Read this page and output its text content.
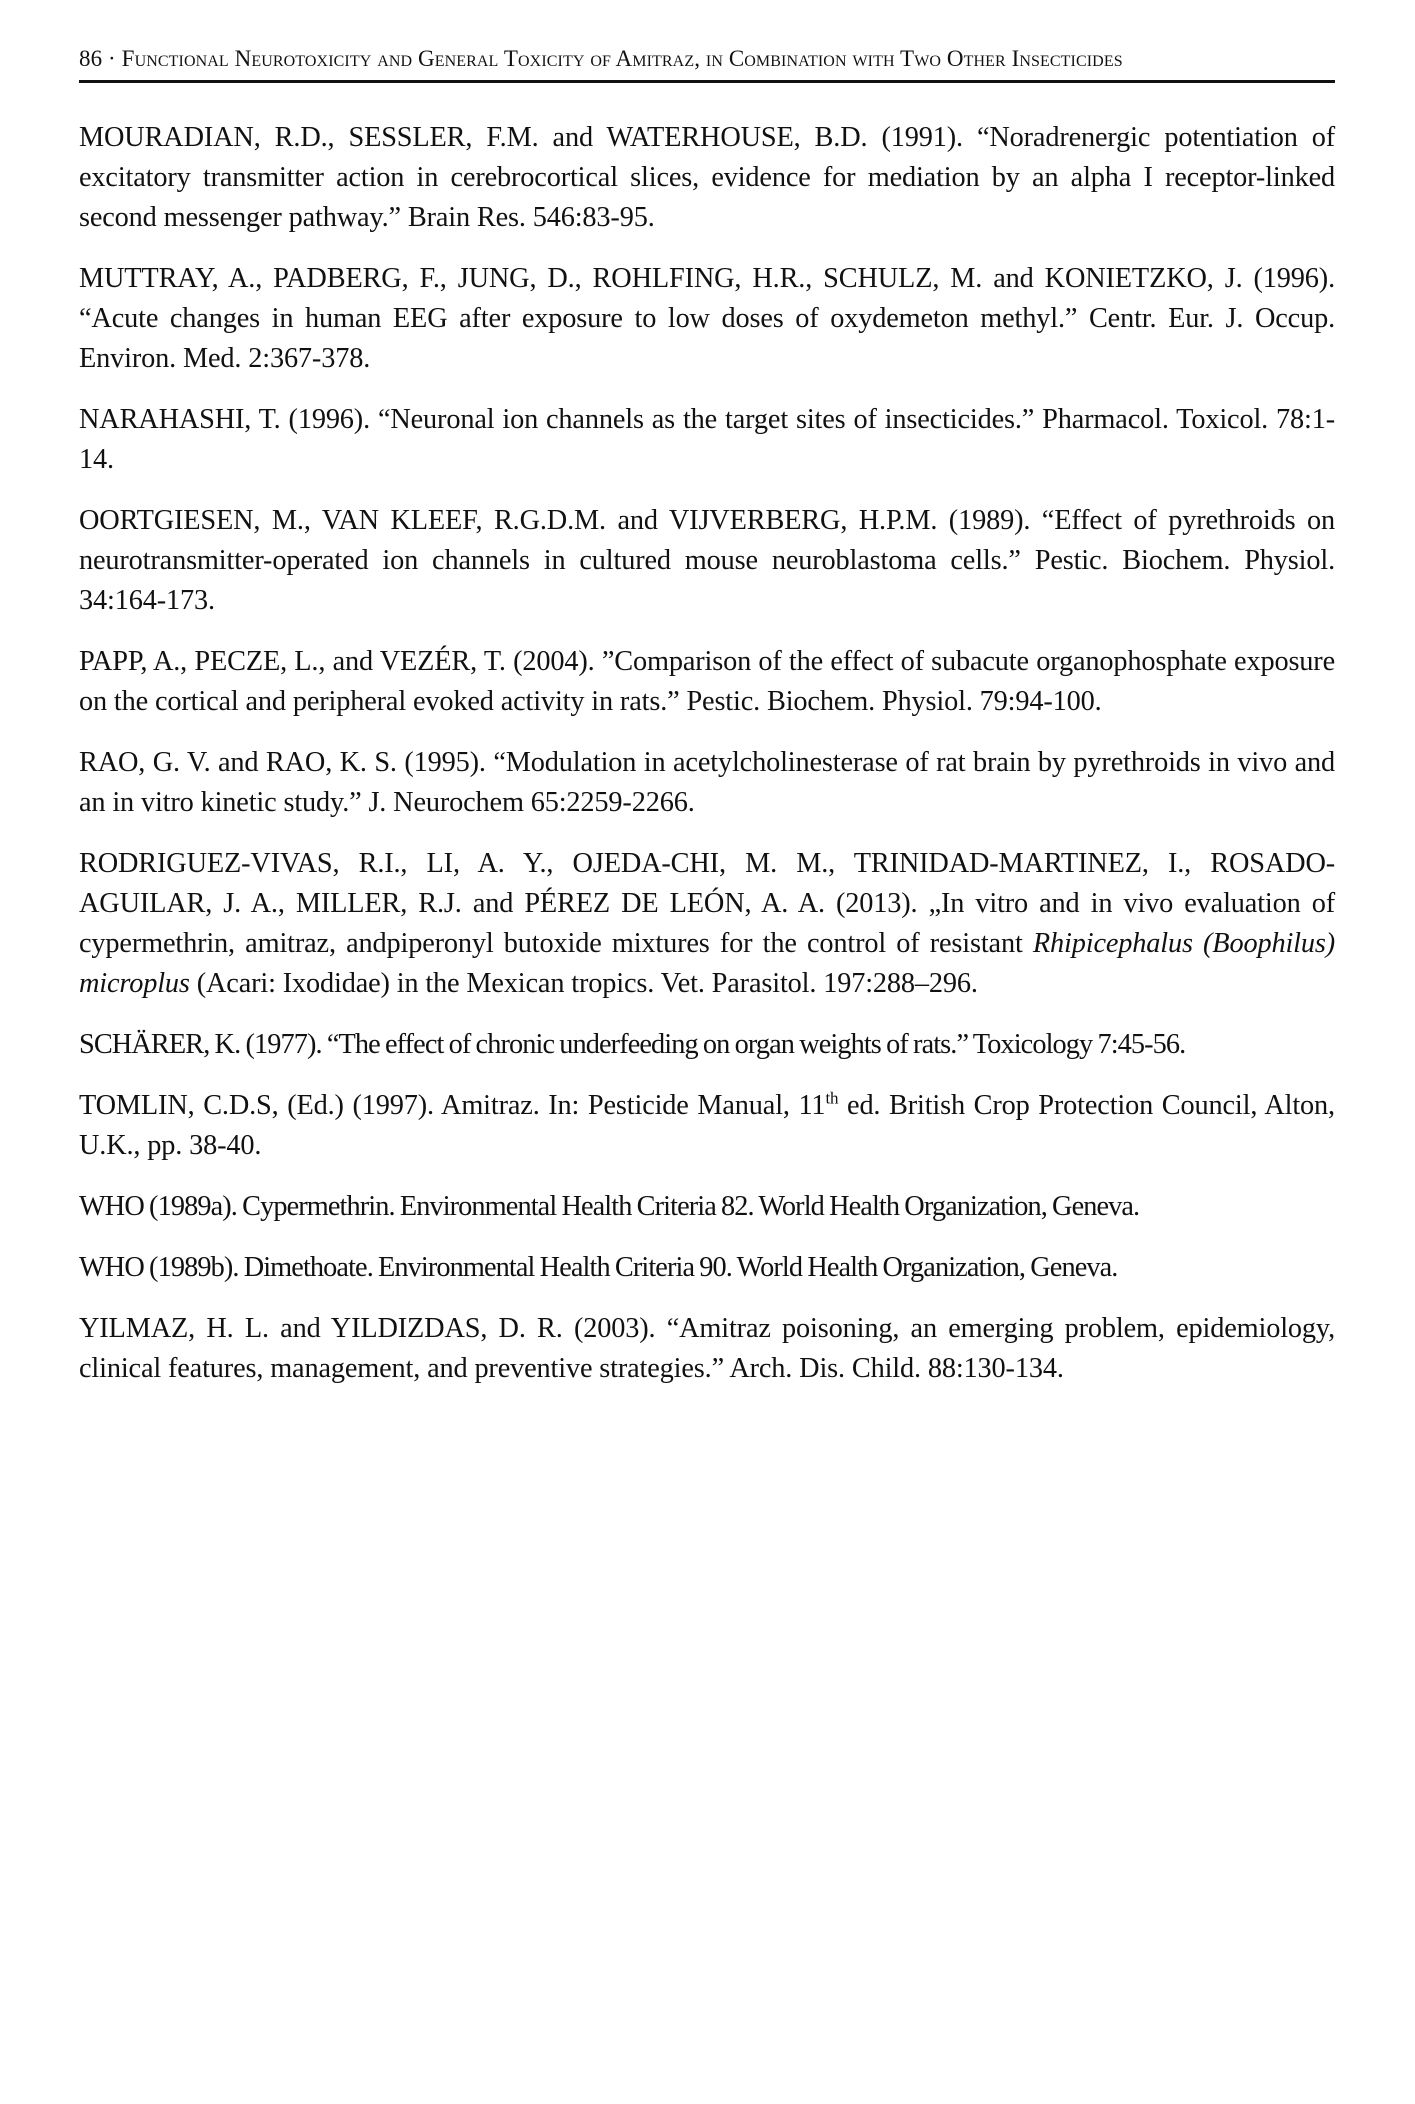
86 · Functional Neurotoxicity and General Toxicity of Amitraz, in Combination with Two Other Insecticides

MOURADIAN, R.D., SESSLER, F.M. and WATERHOUSE, B.D. (1991). “Noradrenergic potentiation of excitatory transmitter action in cerebrocortical slices, evidence for mediation by an alpha I receptor-linked second messenger pathway.” Brain Res. 546:83-95.

MUTTRAY, A., PADBERG, F., JUNG, D., ROHLFING, H.R., SCHULZ, M. and KONIETZKO, J. (1996). “Acute changes in human EEG after exposure to low doses of oxydemeton methyl.” Centr. Eur. J. Occup. Environ. Med. 2:367-378.

NARAHASHI, T. (1996). “Neuronal ion channels as the target sites of insecticides.” Pharmacol. Toxicol. 78:1-14.

OORTGIESEN, M., VAN KLEEF, R.G.D.M. and VIJVERBERG, H.P.M. (1989). “Effect of pyrethroids on neurotransmitter-operated ion channels in cultured mouse neuroblastoma cells.” Pestic. Biochem. Physiol. 34:164-173.

PAPP, A., PECZE, L., and VEZÉR, T. (2004). ”Comparison of the effect of subacute organophosphate exposure on the cortical and peripheral evoked activity in rats.” Pestic. Biochem. Physiol. 79:94-100.

RAO, G. V. and RAO, K. S. (1995). “Modulation in acetylcholinesterase of rat brain by pyrethroids in vivo and an in vitro kinetic study.” J. Neurochem 65:2259-2266.

RODRIGUEZ-VIVAS, R.I., LI, A. Y., OJEDA-CHI, M. M., TRINIDAD-MARTINEZ, I., ROSADO-AGUILAR, J. A., MILLER, R.J. and PÉREZ DE LEÓN, A. A. (2013). „In vitro and in vivo evaluation of cypermethrin, amitraz, andpiperonyl butoxide mixtures for the control of resistant Rhipicephalus (Boophilus) microplus (Acari: Ixodidae) in the Mexican tropics. Vet. Parasitol. 197:288–296.

SCHÄRER, K. (1977). “The effect of chronic underfeeding on organ weights of rats.” Toxicology 7:45-56.

TOMLIN, C.D.S, (Ed.) (1997). Amitraz. In: Pesticide Manual, 11th ed. British Crop Protection Council, Alton, U.K., pp. 38-40.

WHO (1989a). Cypermethrin. Environmental Health Criteria 82. World Health Organization, Geneva.

WHO (1989b). Dimethoate. Environmental Health Criteria 90. World Health Organization, Geneva.

YILMAZ, H. L. and YILDIZDAS, D. R. (2003). “Amitraz poisoning, an emerging problem, epidemiology, clinical features, management, and preventive strategies.” Arch. Dis. Child. 88:130-134.
